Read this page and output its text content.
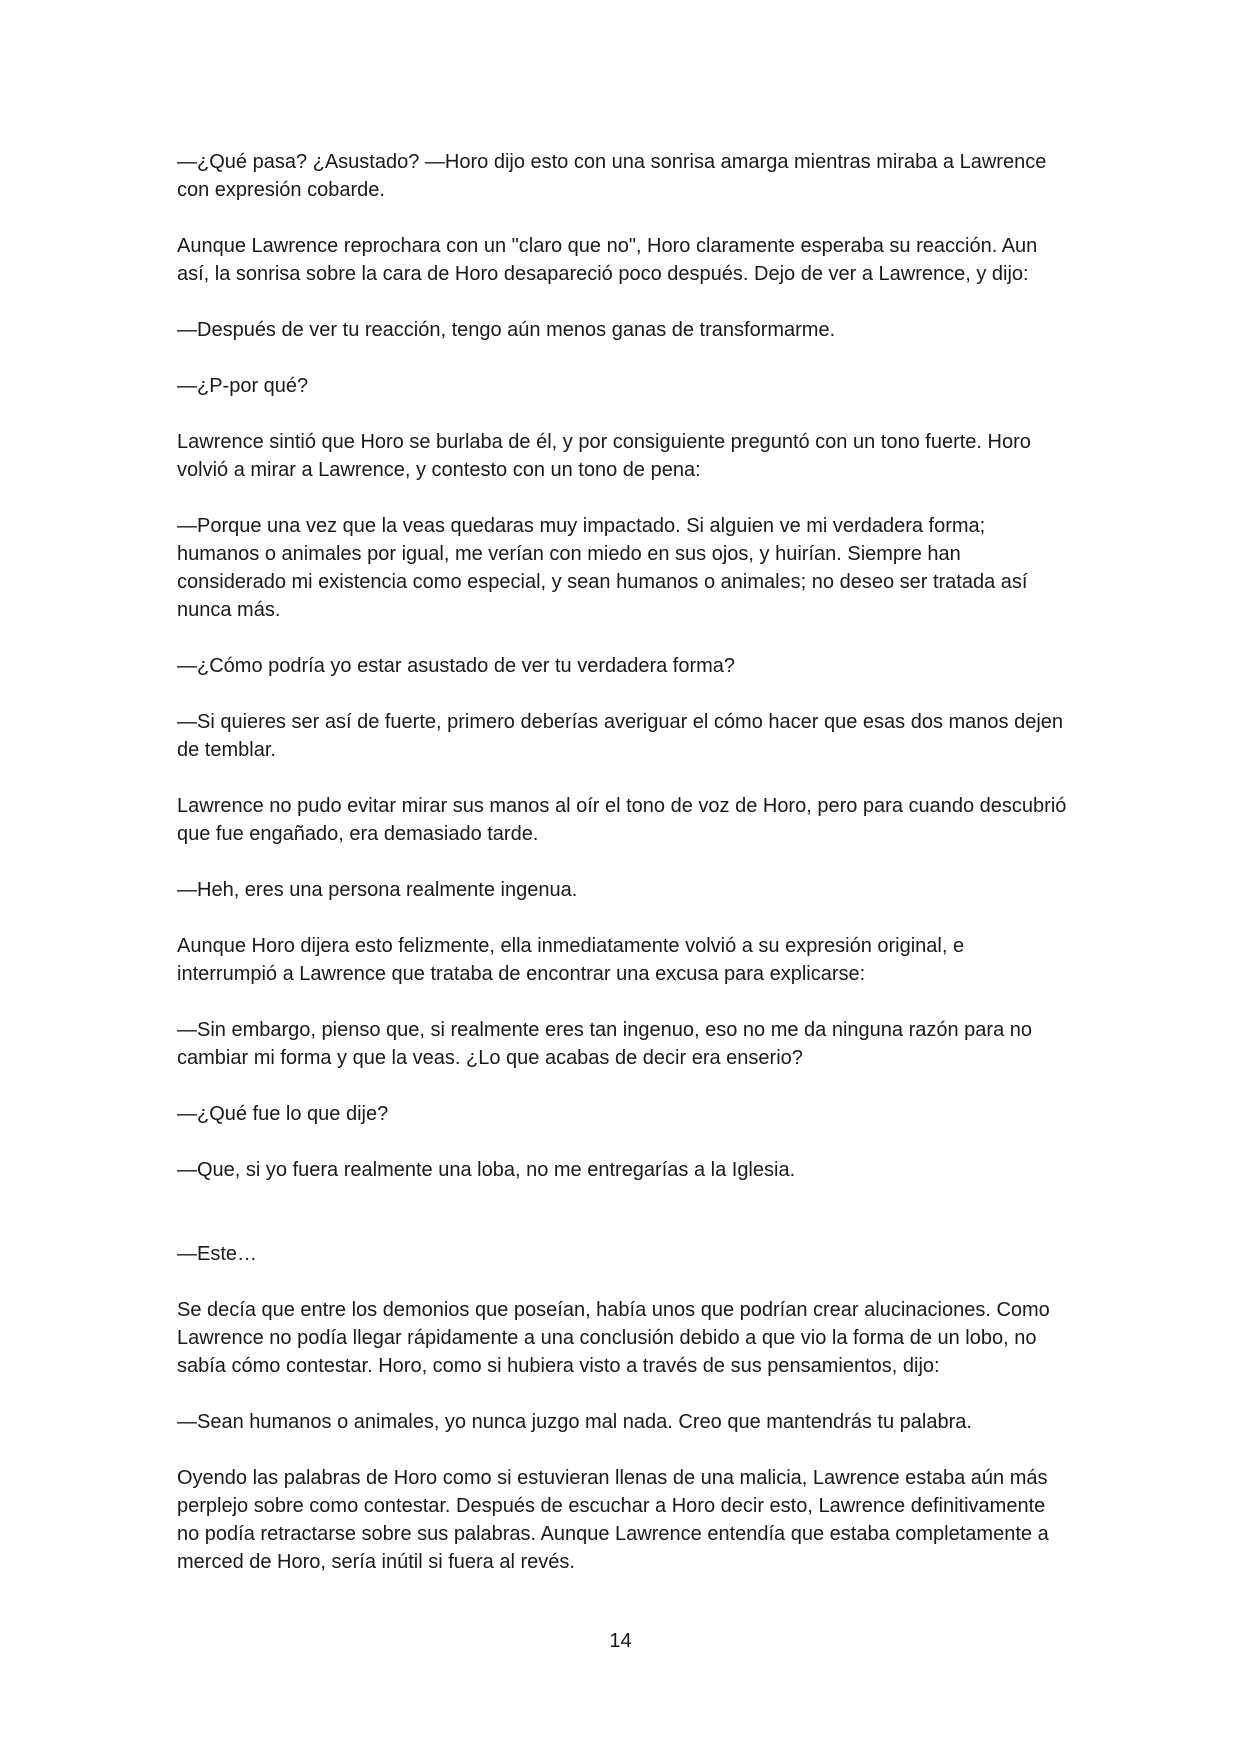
—¿Qué pasa? ¿Asustado? —Horo dijo esto con una sonrisa amarga mientras miraba a Lawrence con expresión cobarde.

Aunque Lawrence reprochara con un "claro que no", Horo claramente esperaba su reacción. Aun así, la sonrisa sobre la cara de Horo desapareció poco después. Dejo de ver a Lawrence, y dijo:

—Después de ver tu reacción, tengo aún menos ganas de transformarme.

—¿P-por qué?

Lawrence sintió que Horo se burlaba de él, y por consiguiente preguntó con un tono fuerte. Horo volvió a mirar a Lawrence, y contesto con un tono de pena:

—Porque una vez que la veas quedaras muy impactado. Si alguien ve mi verdadera forma; humanos o animales por igual, me verían con miedo en sus ojos, y huirían. Siempre han considerado mi existencia como especial, y sean humanos o animales; no deseo ser tratada así nunca más.

—¿Cómo podría yo estar asustado de ver tu verdadera forma?

—Si quieres ser así de fuerte, primero deberías averiguar el cómo hacer que esas dos manos dejen de temblar.

Lawrence no pudo evitar mirar sus manos al oír el tono de voz de Horo, pero para cuando descubrió que fue engañado, era demasiado tarde.

—Heh, eres una persona realmente ingenua.

Aunque Horo dijera esto felizmente, ella inmediatamente volvió a su expresión original, e interrumpió a Lawrence que trataba de encontrar una excusa para explicarse:

—Sin embargo, pienso que, si realmente eres tan ingenuo, eso no me da ninguna razón para no cambiar mi forma y que la veas. ¿Lo que acabas de decir era enserio?

—¿Qué fue lo que dije?

—Que, si yo fuera realmente una loba, no me entregarías a la Iglesia.

—Este…

Se decía que entre los demonios que poseían, había unos que podrían crear alucinaciones. Como Lawrence no podía llegar rápidamente a una conclusión debido a que vio la forma de un lobo, no sabía cómo contestar. Horo, como si hubiera visto a través de sus pensamientos, dijo:

—Sean humanos o animales, yo nunca juzgo mal nada. Creo que mantendrás tu palabra.

Oyendo las palabras de Horo como si estuvieran llenas de una malicia, Lawrence estaba aún más perplejo sobre como contestar. Después de escuchar a Horo decir esto, Lawrence definitivamente no podía retractarse sobre sus palabras. Aunque Lawrence entendía que estaba completamente a merced de Horo, sería inútil si fuera al revés.

14
